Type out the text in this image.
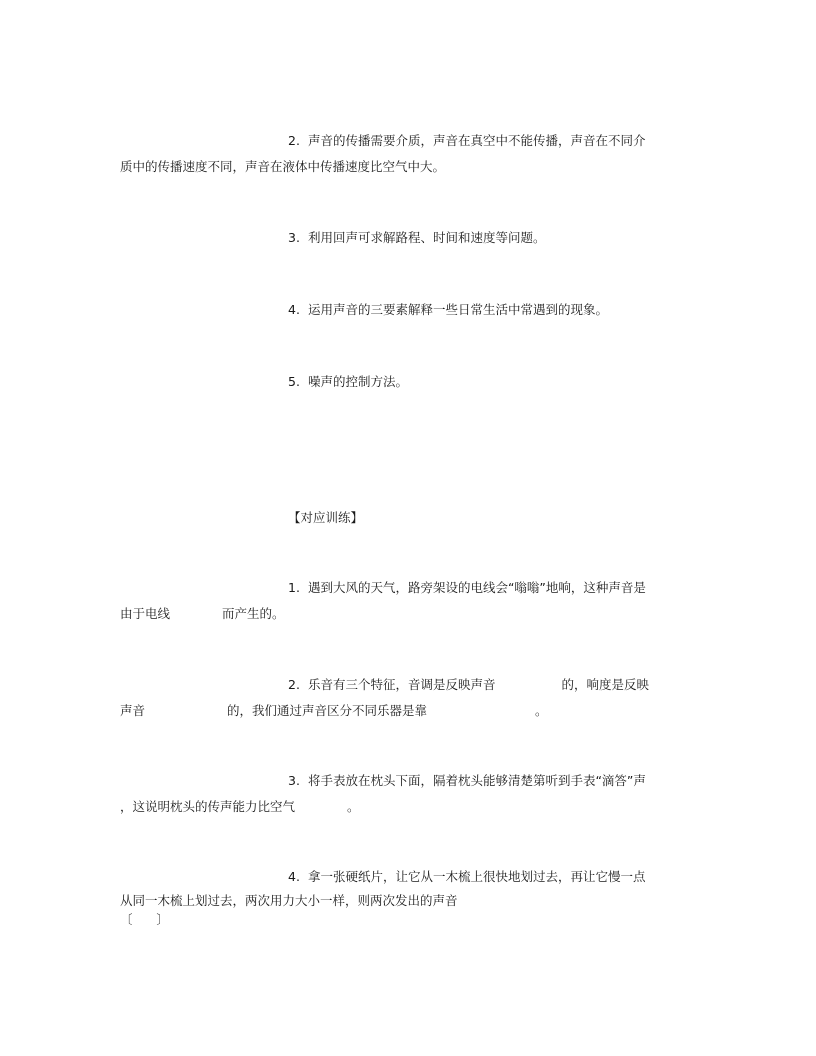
2. 声音的传播需要介质，声音在真空中不能传播，声音在不同介
质中的传播速度不同，声音在液体中传播速度比空气中大。
3. 利用回声可求解路程、时间和速度等问题。
4. 运用声音的三要素解释一些日常生活中常遇到的现象。
5. 噪声的控制方法。
【对应训练】
1. 遇到大风的天气，路旁架设的电线会“嗡嗡”地响，这种声音是
由于电线	而产生的。
2. 乐音有三个特征，音调是反映声音	的，响度是反映
声音	的，我们通过声音区分不同乐器是靠	。
3. 将手表放在枕头下面，隔着枕头能够清楚第听到手表“滴答”声
，这说明枕头的传声能力比空气	。
4. 拿一张硬纸片，让它从一木梳上很快地划过去，再让它慢一点
从同一木梳上划过去，两次用力大小一样，则两次发出的声音
〔      〕
